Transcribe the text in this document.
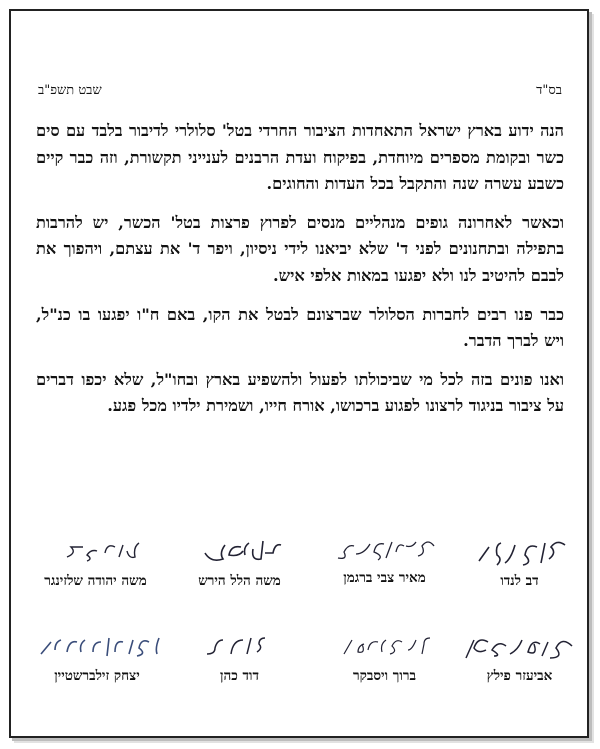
בס"ד
שבט תשפ"ב

הנה ידוע בארץ ישראל התאחדות הציבור החרדי בטל' סלולרי לדיבור בלבד עם סים כשר ובקומת מספרים מיוחדת, בפיקוח ועדת הרבנים לענייני תקשורת, וזה כבר קיים כשבע עשרה שנה והתקבל בכל העדות והחוגים.

וכאשר לאחרונה גופים מנהליים מנסים לפרוץ פרצות בטל' הכשר, יש להרבות בתפילה ובתחנונים לפני ד' שלא יביאנו לידי ניסיון, ויפר ד' את עצתם, ויהפוך את לבבם להיטיב לנו ולא יפגעו במאות אלפי איש.

כבר פנו רבים לחברות הסלולר שברצונם לבטל את הקו, באם ח"ו יפגעו בו כנ"ל, ויש לברך הדבר.

ואנו פונים בזה לכל מי שביכולתו לפעול ולהשפיע בארץ ובחו"ל, שלא יכפו דברים על ציבור בניגוד לרצונו לפגוע ברכושו, אורח חייו, ושמירת ילדיו מכל פגע.

דב לנדו
מאיר צבי ברגמן
משה הלל הירש
משה יהודה שלזינגר
אביעזר פילץ
ברוך ויסבקר
דוד כהן
יצחק זילברשטיין
